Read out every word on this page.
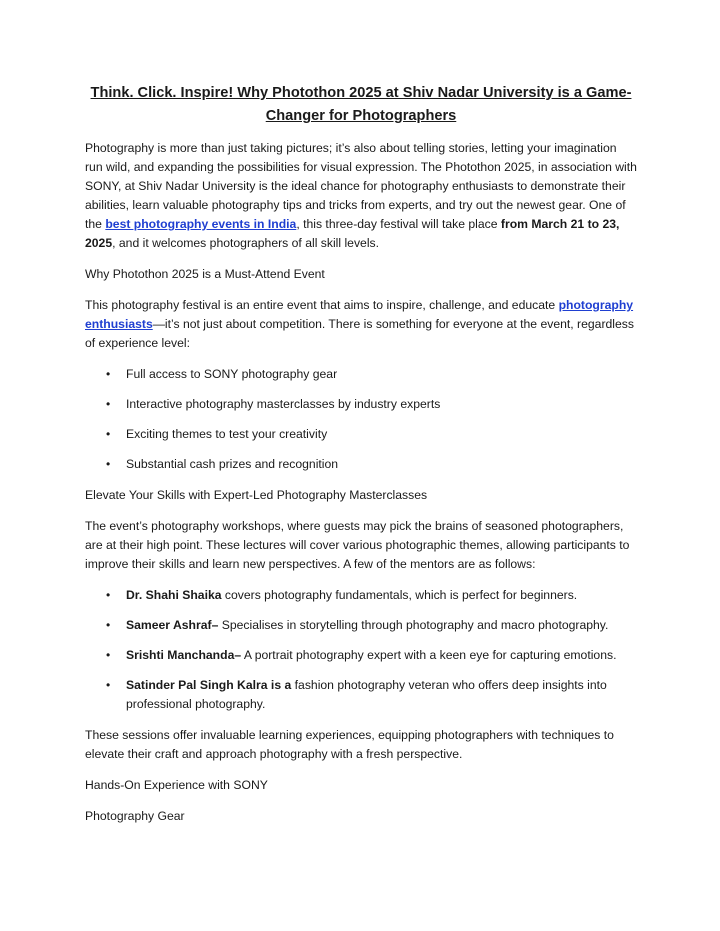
Think. Click. Inspire! Why Photothon 2025 at Shiv Nadar University is a Game-Changer for Photographers

Photography is more than just taking pictures; it’s also about telling stories, letting your imagination run wild, and expanding the possibilities for visual expression. The Photothon 2025, in association with SONY, at Shiv Nadar University is the ideal chance for photography enthusiasts to demonstrate their abilities, learn valuable photography tips and tricks from experts, and try out the newest gear. One of the best photography events in India, this three-day festival will take place from March 21 to 23, 2025, and it welcomes photographers of all skill levels.

Why Photothon 2025 is a Must-Attend Event

This photography festival is an entire event that aims to inspire, challenge, and educate photography enthusiasts—it’s not just about competition. There is something for everyone at the event, regardless of experience level:

• Full access to SONY photography gear
• Interactive photography masterclasses by industry experts
• Exciting themes to test your creativity
• Substantial cash prizes and recognition

Elevate Your Skills with Expert-Led Photography Masterclasses

The event’s photography workshops, where guests may pick the brains of seasoned photographers, are at their high point. These lectures will cover various photographic themes, allowing participants to improve their skills and learn new perspectives. A few of the mentors are as follows:

• Dr. Shahi Shaika covers photography fundamentals, which is perfect for beginners.
• Sameer Ashraf– Specialises in storytelling through photography and macro photography.
• Srishti Manchanda– A portrait photography expert with a keen eye for capturing emotions.
• Satinder Pal Singh Kalra is a fashion photography veteran who offers deep insights into professional photography.

These sessions offer invaluable learning experiences, equipping photographers with techniques to elevate their craft and approach photography with a fresh perspective.

Hands-On Experience with SONY

Photography Gear
